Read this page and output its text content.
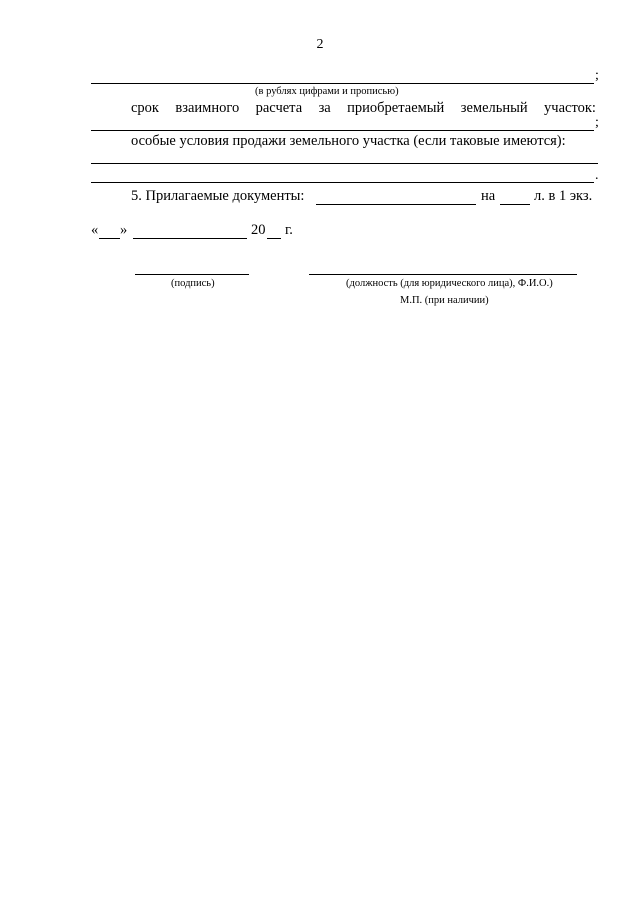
2
;
(в рублях цифрами и прописью)
срок взаимного расчета за приобретаемый земельный участок:
;
особые условия продажи земельного участка (если таковые имеются):
.
5. Прилагаемые документы:	на	л. в 1 экз.
« »	20 г.
(подпись)	(должность (для юридического лица), Ф.И.О.)
М.П. (при наличии)
